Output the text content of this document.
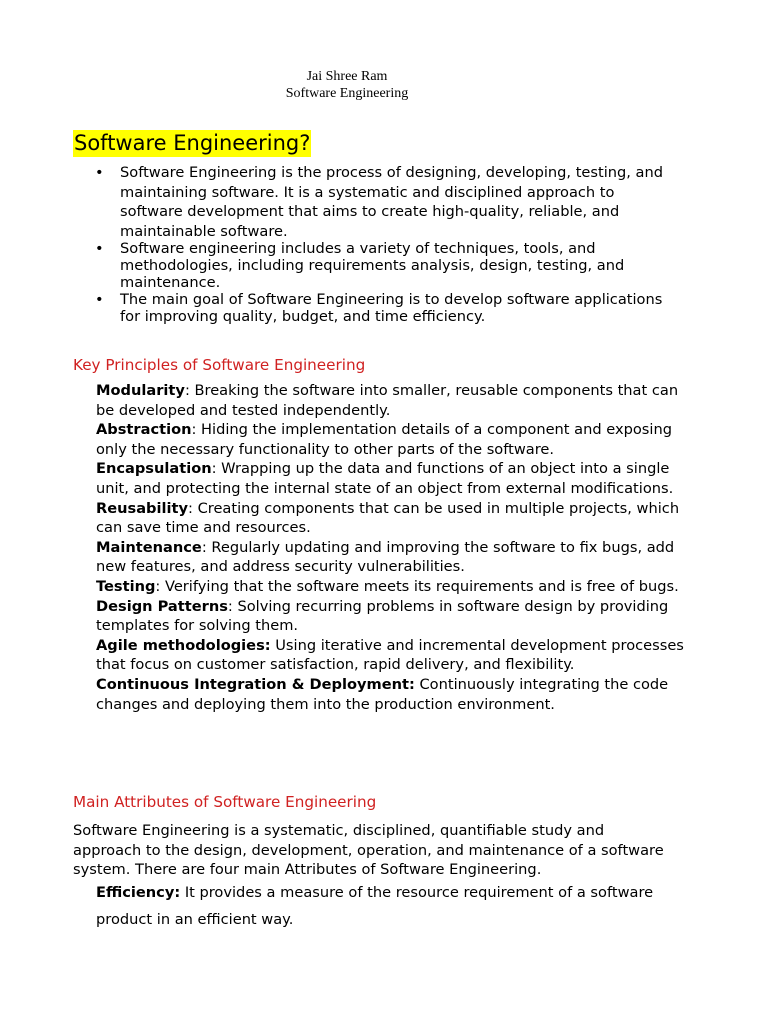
Jai Shree Ram
Software Engineering
Software Engineering?
• Software Engineering is the process of designing, developing, testing, and maintaining software. It is a systematic and disciplined approach to software development that aims to create high-quality, reliable, and maintainable software.
• Software engineering includes a variety of techniques, tools, and methodologies, including requirements analysis, design, testing, and maintenance.
• The main goal of Software Engineering is to develop software applications for improving quality, budget, and time efficiency.
Key Principles of Software Engineering
Modularity: Breaking the software into smaller, reusable components that can be developed and tested independently.
Abstraction: Hiding the implementation details of a component and exposing only the necessary functionality to other parts of the software.
Encapsulation: Wrapping up the data and functions of an object into a single unit, and protecting the internal state of an object from external modifications.
Reusability: Creating components that can be used in multiple projects, which can save time and resources.
Maintenance: Regularly updating and improving the software to fix bugs, add new features, and address security vulnerabilities.
Testing: Verifying that the software meets its requirements and is free of bugs.
Design Patterns: Solving recurring problems in software design by providing templates for solving them.
Agile methodologies: Using iterative and incremental development processes that focus on customer satisfaction, rapid delivery, and flexibility.
Continuous Integration & Deployment: Continuously integrating the code changes and deploying them into the production environment.
Main Attributes of Software Engineering
Software Engineering is a systematic, disciplined, quantifiable study and approach to the design, development, operation, and maintenance of a software system. There are four main Attributes of Software Engineering.
Efficiency: It provides a measure of the resource requirement of a software product in an efficient way.
